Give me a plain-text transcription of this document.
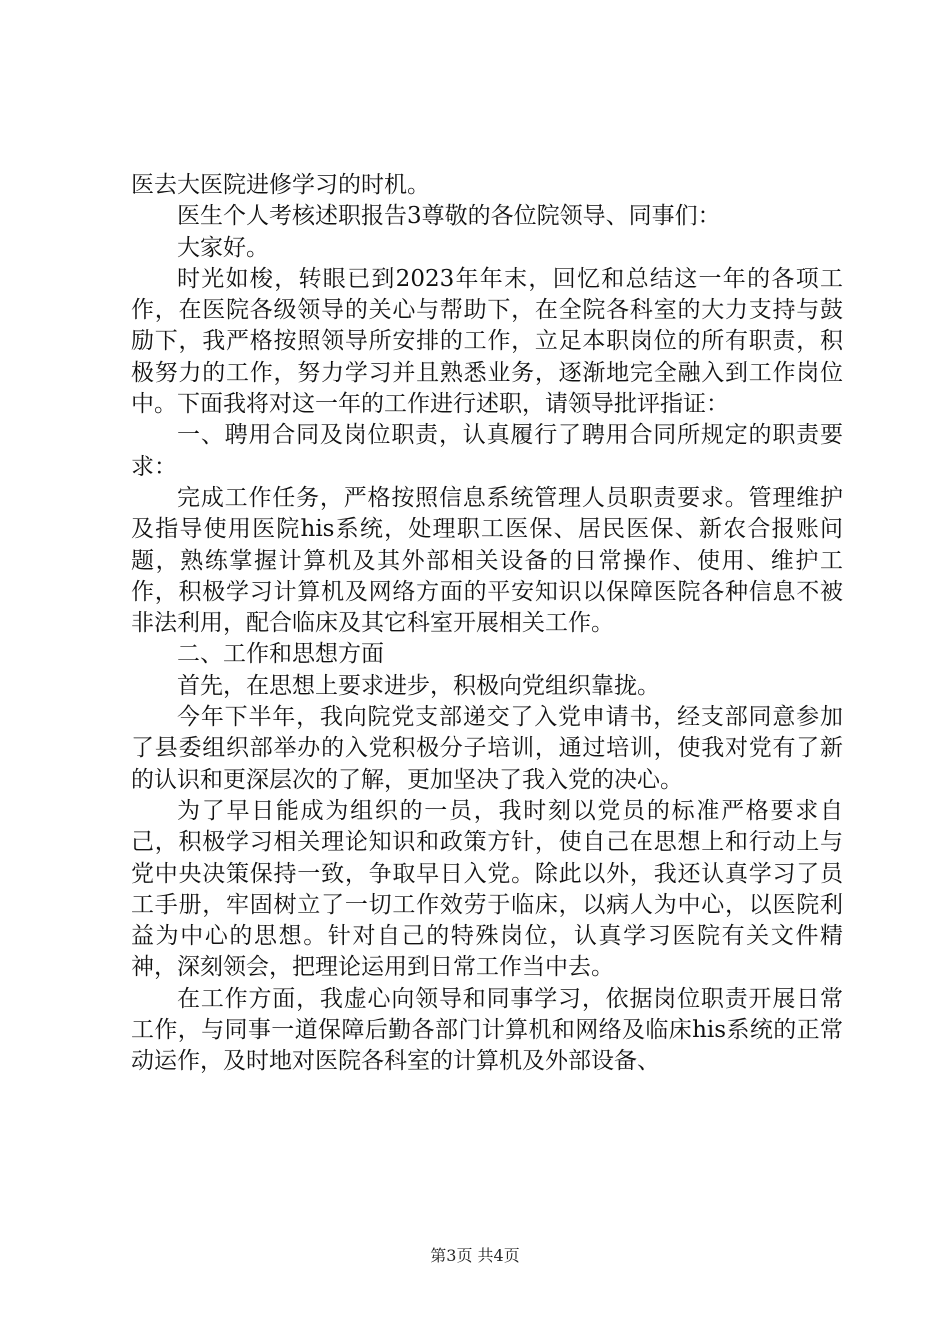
医去大医院进修学习的时机。

医生个人考核述职报告3尊敬的各位院领导、同事们：

大家好。

时光如梭，转眼已到2023年年末，回忆和总结这一年的各项工作，在医院各级领导的关心与帮助下，在全院各科室的大力支持与鼓励下，我严格按照领导所安排的工作，立足本职岗位的所有职责，积极努力的工作，努力学习并且熟悉业务，逐渐地完全融入到工作岗位中。下面我将对这一年的工作进行述职，请领导批评指证：

一、聘用合同及岗位职责，认真履行了聘用合同所规定的职责要求：

完成工作任务，严格按照信息系统管理人员职责要求。管理维护及指导使用医院his系统，处理职工医保、居民医保、新农合报账问题，熟练掌握计算机及其外部相关设备的日常操作、使用、维护工作，积极学习计算机及网络方面的平安知识以保障医院各种信息不被非法利用，配合临床及其它科室开展相关工作。

二、工作和思想方面

首先，在思想上要求进步，积极向党组织靠拢。

今年下半年，我向院党支部递交了入党申请书，经支部同意参加了县委组织部举办的入党积极分子培训，通过培训，使我对党有了新的认识和更深层次的了解，更加坚决了我入党的决心。

为了早日能成为组织的一员，我时刻以党员的标准严格要求自己，积极学习相关理论知识和政策方针，使自己在思想上和行动上与党中央决策保持一致，争取早日入党。除此以外，我还认真学习了员工手册，牢固树立了一切工作效劳于临床，以病人为中心，以医院利益为中心的思想。针对自己的特殊岗位，认真学习医院有关文件精神，深刻领会，把理论运用到日常工作当中去。

在工作方面，我虚心向领导和同事学习，依据岗位职责开展日常工作，与同事一道保障后勤各部门计算机和网络及临床his系统的正常动运作，及时地对医院各科室的计算机及外部设备、

第3页 共4页
